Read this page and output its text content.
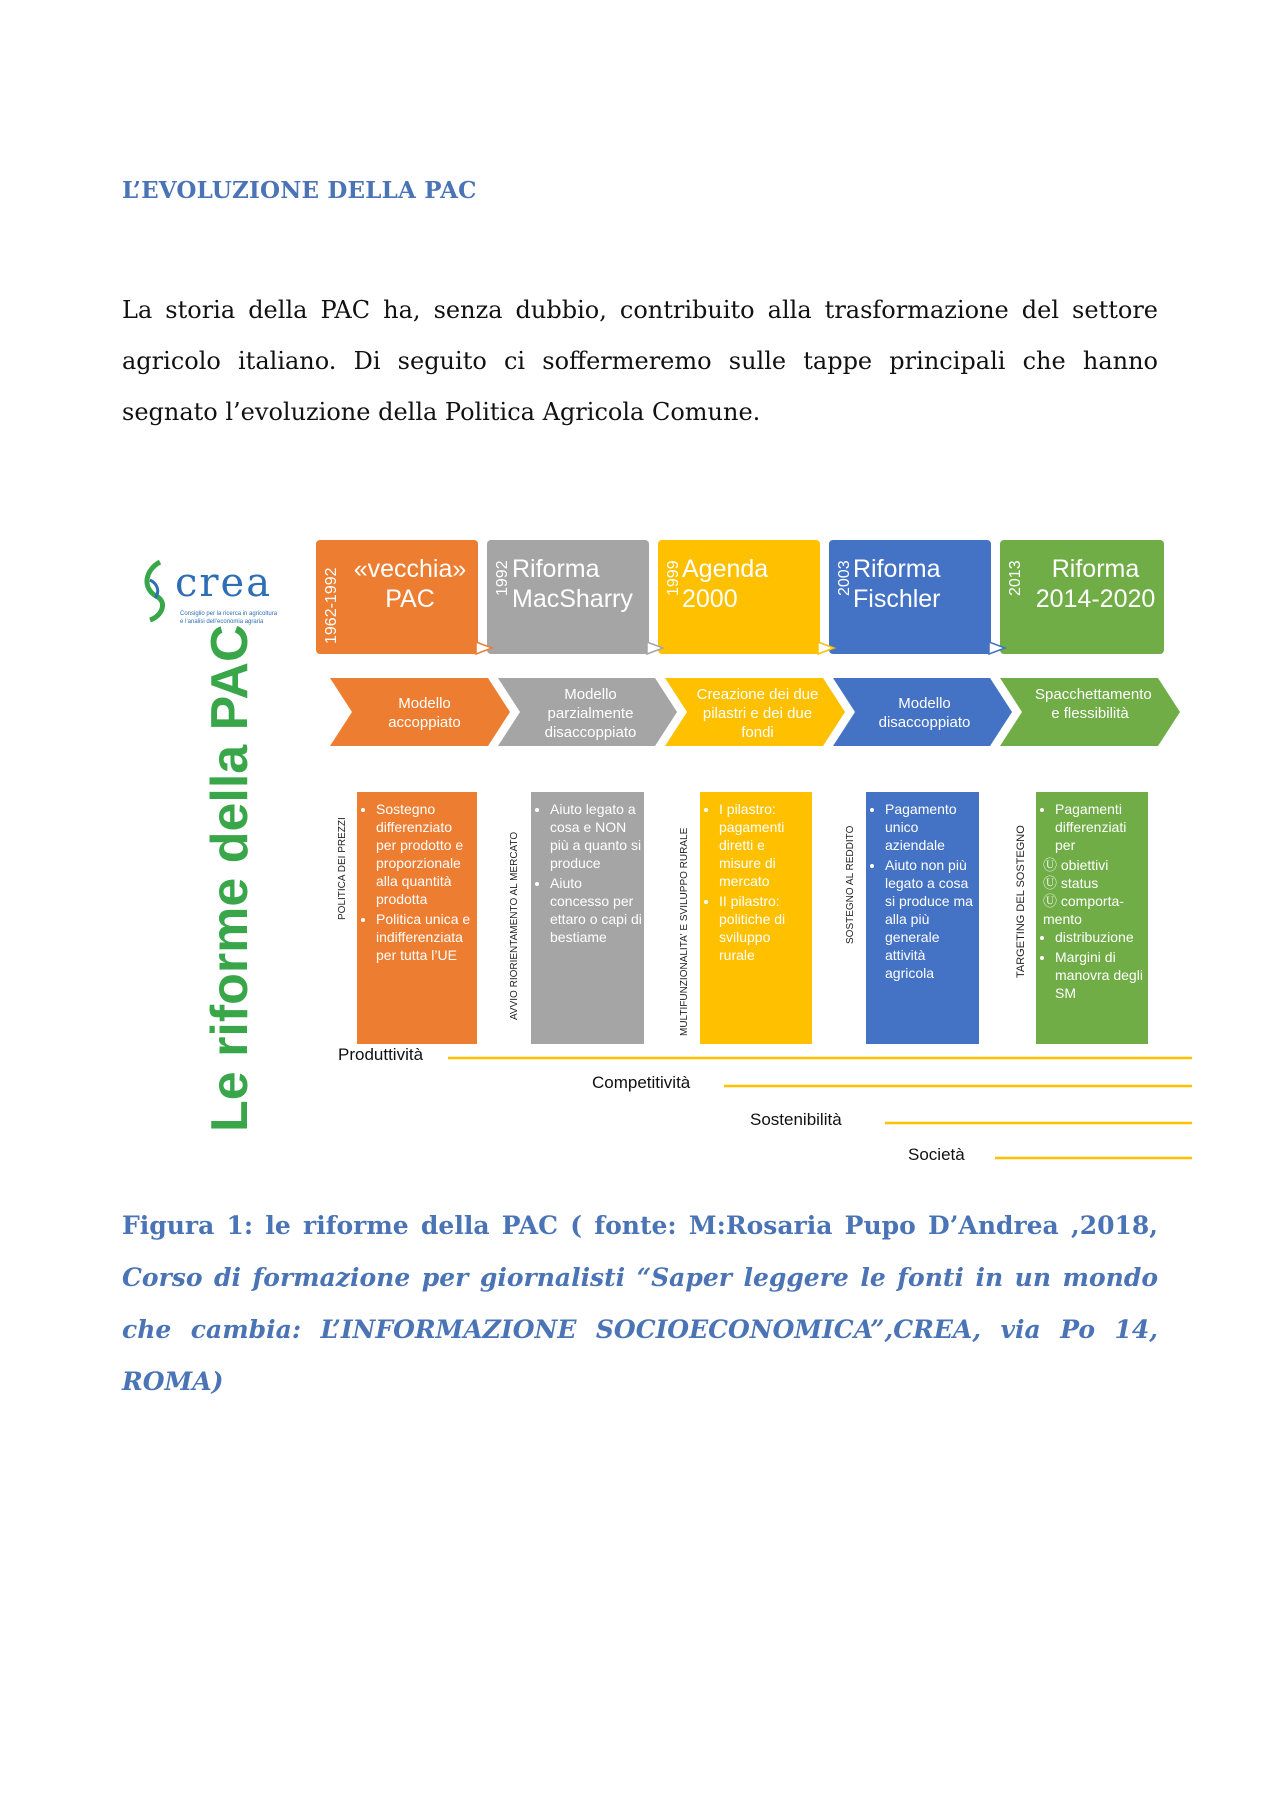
L’EVOLUZIONE DELLA PAC
La storia della PAC ha, senza dubbio, contribuito alla trasformazione del settore agricolo italiano. Di seguito ci soffermeremo sulle tappe principali che hanno segnato l’evoluzione della Politica Agricola Comune.
crea
Consiglio per la ricerca in agricoltura
e l’analisi dell’economia agraria
Le riforme della PAC
1962-1992	1992	1999	2003	2013
«vecchia»
PAC
Riforma
MacSharry
Agenda
2000
Riforma
Fischler
Riforma
2014-2020
Modello accoppiato
Modello parzialmente disaccoppiato
Creazione dei due pilastri e dei due fondi
Modello disaccoppiato
Spacchettamento e flessibilità
POLITICA DEI PREZZI	AVVIO RIORIENTAMENTO AL MERCATO	MULTIFUNZIONALITA' E SVILUPPO RURALE	SOSTEGNO AL REDDITO	TARGETING DEL SOSTEGNO
• Sostegno differenziato per prodotto e proporzionale alla quantità prodotta
• Politica unica e indifferenziata per tutta l’UE
• Aiuto legato a cosa e NON più a quanto si produce
• Aiuto concesso per ettaro o capi di bestiame
• I pilastro: pagamenti diretti e misure di mercato
• II pilastro: politiche di sviluppo rurale
• Pagamento unico aziendale
• Aiuto non più legato a cosa si produce ma alla più generale attività agricola
• Pagamenti differenziati per
Ⓤ obiettivi
Ⓤ status
Ⓤ comporta-mento
• distribuzione
• Margini di manovra degli SM
Produttività
Competitività
Sostenibilità
Società
Figura 1: le riforme della PAC ( fonte: M:Rosaria Pupo D’Andrea ,2018, Corso di formazione per giornalisti “Saper leggere le fonti in un mondo che cambia: L’INFORMAZIONE SOCIOECONOMICA”,CREA, via Po 14, ROMA)
